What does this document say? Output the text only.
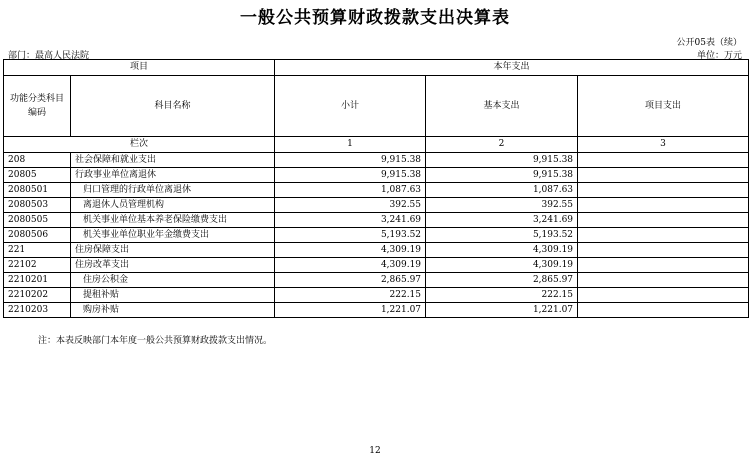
一般公共预算财政拨款支出决算表
公开05表（续）
部门：最高人民法院	单位：万元
项目		本年支出		
功能分类科目编码	科目名称	小计	基本支出	项目支出
栏次		1	2	3
208	社会保障和就业支出	9,915.38	9,915.38	
20805	行政事业单位离退休	9,915.38	9,915.38	
2080501	归口管理的行政单位离退休	1,087.63	1,087.63	
2080503	离退休人员管理机构	392.55	392.55	
2080505	机关事业单位基本养老保险缴费支出	3,241.69	3,241.69	
2080506	机关事业单位职业年金缴费支出	5,193.52	5,193.52	
221	住房保障支出	4,309.19	4,309.19	
22102	住房改革支出	4,309.19	4,309.19	
2210201	住房公积金	2,865.97	2,865.97	
2210202	提租补贴	222.15	222.15	
2210203	购房补贴	1,221.07	1,221.07	
注：本表反映部门本年度一般公共预算财政拨款支出情况。
12
